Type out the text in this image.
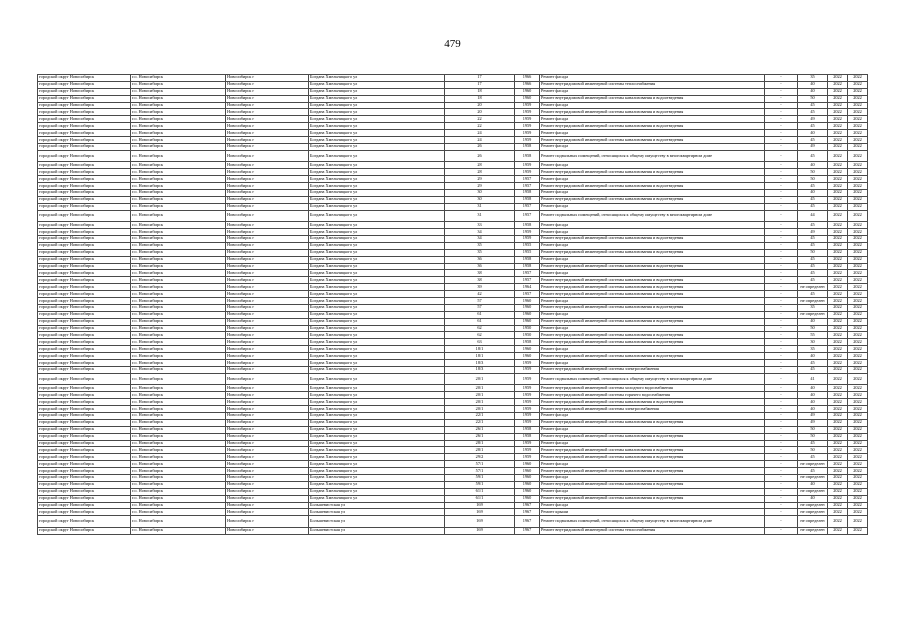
479
городской округ Новосибирск	г.о. Новосибирск	Новосибирск г	Богдана Хмельницкого ул	17	1966	Ремонт фасада	-	35	2022	2022
городской округ Новосибирск	г.о. Новосибирск	Новосибирск г	Богдана Хмельницкого ул	17	1966	Ремонт внутридомовой инженерной системы теплоснабжения	-	40	2022	2022
городской округ Новосибирск	г.о. Новосибирск	Новосибирск г	Богдана Хмельницкого ул	18	1960	Ремонт фасада	-	40	2022	2022
городской округ Новосибирск	г.о. Новосибирск	Новосибирск г	Богдана Хмельницкого ул	18	1960	Ремонт внутридомовой инженерной системы канализования и водоотведения	-	50	2022	2022
городской округ Новосибирск	г.о. Новосибирск	Новосибирск г	Богдана Хмельницкого ул	20	1959	Ремонт фасада	-	45	2022	2022
городской округ Новосибирск	г.о. Новосибирск	Новосибирск г	Богдана Хмельницкого ул	20	1959	Ремонт внутридомовой инженерной системы канализования и водоотведения	-	45	2022	2022
городской округ Новосибирск	г.о. Новосибирск	Новосибирск г	Богдана Хмельницкого ул	22	1959	Ремонт фасада	-	49	2022	2022
городской округ Новосибирск	г.о. Новосибирск	Новосибирск г	Богдана Хмельницкого ул	22	1959	Ремонт внутридомовой инженерной системы канализования и водоотведения	-	45	2022	2022
городской округ Новосибирск	г.о. Новосибирск	Новосибирск г	Богдана Хмельницкого ул	24	1959	Ремонт фасада	-	40	2022	2022
городской округ Новосибирск	г.о. Новосибирск	Новосибирск г	Богдана Хмельницкого ул	24	1959	Ремонт внутридомовой инженерной системы канализования и водоотведения	-	45	2022	2022
городской округ Новосибирск	г.о. Новосибирск	Новосибирск г	Богдана Хмельницкого ул	26	1958	Ремонт фасада	-	49	2022	2022
городской округ Новосибирск	г.о. Новосибирск	Новосибирск г	Богдана Хмельницкого ул	26	1958	Ремонт подвальных помещений, относящихся к общему имуществу в многоквартирном доме	-	45	2022	2022
городской округ Новосибирск	г.о. Новосибирск	Новосибирск г	Богдана Хмельницкого ул	28	1959	Ремонт фасада	-	40	2022	2022
городской округ Новосибирск	г.о. Новосибирск	Новосибирск г	Богдана Хмельницкого ул	28	1959	Ремонт внутридомовой инженерной системы канализования и водоотведения	-	50	2022	2022
городской округ Новосибирск	г.о. Новосибирск	Новосибирск г	Богдана Хмельницкого ул	29	1957	Ремонт фасада	-	50	2022	2022
городской округ Новосибирск	г.о. Новосибирск	Новосибирск г	Богдана Хмельницкого ул	29	1957	Ремонт внутридомовой инженерной системы канализования и водоотведения	-	45	2022	2022
городской округ Новосибирск	г.о. Новосибирск	Новосибирск г	Богдана Хмельницкого ул	30	1958	Ремонт фасада	-	40	2022	2022
городской округ Новосибирск	г.о. Новосибирск	Новосибирск г	Богдана Хмельницкого ул	30	1958	Ремонт внутридомовой инженерной системы канализования и водоотведения	-	45	2022	2022
городской округ Новосибирск	г.о. Новосибирск	Новосибирск г	Богдана Хмельницкого ул	31	1957	Ремонт фасада	-	45	2022	2022
городской округ Новосибирск	г.о. Новосибирск	Новосибирск г	Богдана Хмельницкого ул	31	1957	Ремонт подвальных помещений, относящихся к общему имуществу в многоквартирном доме	-	44	2022	2022
городской округ Новосибирск	г.о. Новосибирск	Новосибирск г	Богдана Хмельницкого ул	33	1958	Ремонт фасада	-	45	2022	2022
городской округ Новосибирск	г.о. Новосибирск	Новосибирск г	Богдана Хмельницкого ул	34	1959	Ремонт фасада	-	49	2022	2022
городской округ Новосибирск	г.о. Новосибирск	Новосибирск г	Богдана Хмельницкого ул	34	1959	Ремонт внутридомовой инженерной системы канализования и водоотведения	-	45	2022	2022
городской округ Новосибирск	г.о. Новосибирск	Новосибирск г	Богдана Хмельницкого ул	35	1955	Ремонт фасада	-	45	2022	2022
городской округ Новосибирск	г.о. Новосибирск	Новосибирск г	Богдана Хмельницкого ул	35	1955	Ремонт внутридомовой инженерной системы канализования и водоотведения	-	50	2022	2022
городской округ Новосибирск	г.о. Новосибирск	Новосибирск г	Богдана Хмельницкого ул	36	1958	Ремонт фасада	-	45	2022	2022
городской округ Новосибирск	г.о. Новосибирск	Новосибирск г	Богдана Хмельницкого ул	36	1958	Ремонт внутридомовой инженерной системы канализования и водоотведения	-	45	2022	2022
городской округ Новосибирск	г.о. Новосибирск	Новосибирск г	Богдана Хмельницкого ул	38	1957	Ремонт фасада	-	45	2022	2022
городской округ Новосибирск	г.о. Новосибирск	Новосибирск г	Богдана Хмельницкого ул	38	1957	Ремонт внутридомовой инженерной системы канализования и водоотведения	-	45	2022	2022
городской округ Новосибирск	г.о. Новосибирск	Новосибирск г	Богдана Хмельницкого ул	39	1964	Ремонт внутридомовой инженерной системы канализования и водоотведения	-	не определен	2022	2022
городской округ Новосибирск	г.о. Новосибирск	Новосибирск г	Богдана Хмельницкого ул	42	1957	Ремонт внутридомовой инженерной системы канализования и водоотведения	-	45	2022	2022
городской округ Новосибирск	г.о. Новосибирск	Новосибирск г	Богдана Хмельницкого ул	57	1960	Ремонт фасада	-	не определен	2022	2022
городской округ Новосибирск	г.о. Новосибирск	Новосибирск г	Богдана Хмельницкого ул	57	1960	Ремонт внутридомовой инженерной системы канализования и водоотведения	-	35	2022	2022
городской округ Новосибирск	г.о. Новосибирск	Новосибирск г	Богдана Хмельницкого ул	61	1960	Ремонт фасада	-	не определен	2022	2022
городской округ Новосибирск	г.о. Новосибирск	Новосибирск г	Богдана Хмельницкого ул	61	1960	Ремонт внутридомовой инженерной системы канализования и водоотведения	-	40	2022	2022
городской округ Новосибирск	г.о. Новосибирск	Новосибирск г	Богдана Хмельницкого ул	62	1950	Ремонт фасада	-	50	2022	2022
городской округ Новосибирск	г.о. Новосибирск	Новосибирск г	Богдана Хмельницкого ул	62	1950	Ремонт внутридомовой инженерной системы канализования и водоотведения	-	55	2022	2022
городской округ Новосибирск	г.о. Новосибирск	Новосибирск г	Богдана Хмельницкого ул	63	1958	Ремонт внутридомовой инженерной системы канализования и водоотведения	-	30	2022	2022
городской округ Новосибирск	г.о. Новосибирск	Новосибирск г	Богдана Хмельницкого ул	18/1	1960	Ремонт фасада	-	35	2022	2022
городской округ Новосибирск	г.о. Новосибирск	Новосибирск г	Богдана Хмельницкого ул	18/1	1960	Ремонт внутридомовой инженерной системы канализования и водоотведения	-	40	2022	2022
городской округ Новосибирск	г.о. Новосибирск	Новосибирск г	Богдана Хмельницкого ул	18/3	1959	Ремонт фасада	-	45	2022	2022
городской округ Новосибирск	г.о. Новосибирск	Новосибирск г	Богдана Хмельницкого ул	18/3	1959	Ремонт внутридомовой инженерной системы электроснабжения	-	45	2022	2022
городской округ Новосибирск	г.о. Новосибирск	Новосибирск г	Богдана Хмельницкого ул	20/1	1959	Ремонт подвальных помещений, относящихся к общему имуществу в многоквартирном доме	-	41	2022	2022
городской округ Новосибирск	г.о. Новосибирск	Новосибирск г	Богдана Хмельницкого ул	20/1	1959	Ремонт внутридомовой инженерной системы холодного водоснабжения	-	40	2022	2022
городской округ Новосибирск	г.о. Новосибирск	Новосибирск г	Богдана Хмельницкого ул	20/1	1959	Ремонт внутридомовой инженерной системы горячего водоснабжения	-	40	2022	2022
городской округ Новосибирск	г.о. Новосибирск	Новосибирск г	Богдана Хмельницкого ул	20/1	1959	Ремонт внутридомовой инженерной системы канализования и водоотведения	-	40	2022	2022
городской округ Новосибирск	г.о. Новосибирск	Новосибирск г	Богдана Хмельницкого ул	20/1	1959	Ремонт внутридомовой инженерной системы электроснабжения	-	40	2022	2022
городской округ Новосибирск	г.о. Новосибирск	Новосибирск г	Богдана Хмельницкого ул	22/1	1959	Ремонт фасада	-	49	2022	2022
городской округ Новосибирск	г.о. Новосибирск	Новосибирск г	Богдана Хмельницкого ул	22/1	1959	Ремонт внутридомовой инженерной системы канализования и водоотведения	-	49	2022	2022
городской округ Новосибирск	г.о. Новосибирск	Новосибирск г	Богдана Хмельницкого ул	26/1	1958	Ремонт фасада	-	50	2022	2022
городской округ Новосибирск	г.о. Новосибирск	Новосибирск г	Богдана Хмельницкого ул	26/1	1958	Ремонт внутридомовой инженерной системы канализования и водоотведения	-	50	2022	2022
городской округ Новосибирск	г.о. Новосибирск	Новосибирск г	Богдана Хмельницкого ул	28/1	1959	Ремонт фасада	-	45	2022	2022
городской округ Новосибирск	г.о. Новосибирск	Новосибирск г	Богдана Хмельницкого ул	28/1	1959	Ремонт внутридомовой инженерной системы канализования и водоотведения	-	50	2022	2022
городской округ Новосибирск	г.о. Новосибирск	Новосибирск г	Богдана Хмельницкого ул	29/2	1959	Ремонт внутридомовой инженерной системы канализования и водоотведения	-	45	2022	2022
городской округ Новосибирск	г.о. Новосибирск	Новосибирск г	Богдана Хмельницкого ул	57/1	1960	Ремонт фасада	-	не определен	2022	2022
городской округ Новосибирск	г.о. Новосибирск	Новосибирск г	Богдана Хмельницкого ул	57/1	1960	Ремонт внутридомовой инженерной системы канализования и водоотведения	-	45	2022	2022
городской округ Новосибирск	г.о. Новосибирск	Новосибирск г	Богдана Хмельницкого ул	59/1	1960	Ремонт фасада	-	не определен	2022	2022
городской округ Новосибирск	г.о. Новосибирск	Новосибирск г	Богдана Хмельницкого ул	59/1	1960	Ремонт внутридомовой инженерной системы канализования и водоотведения	-	40	2022	2022
городской округ Новосибирск	г.о. Новосибирск	Новосибирск г	Богдана Хмельницкого ул	61/1	1960	Ремонт фасада	-	не определен	2022	2022
городской округ Новосибирск	г.о. Новосибирск	Новосибирск г	Богдана Хмельницкого ул	61/1	1960	Ремонт внутридомовой инженерной системы канализования и водоотведения	-	40	2022	2022
городской округ Новосибирск	г.о. Новосибирск	Новосибирск г	Большевистская ул	169	1967	Ремонт фасада	-	не определен	2022	2022
городской округ Новосибирск	г.о. Новосибирск	Новосибирск г	Большевистская ул	169	1967	Ремонт крыши	-	не определен	2022	2022
городской округ Новосибирск	г.о. Новосибирск	Новосибирск г	Большевистская ул	169	1967	Ремонт подвальных помещений, относящихся к общему имуществу в многоквартирном доме	-	не определен	2022	2022
городской округ Новосибирск	г.о. Новосибирск	Новосибирск г	Большевистская ул	169	1967	Ремонт внутридомовой инженерной системы теплоснабжения	-	не определен	2022	2022
